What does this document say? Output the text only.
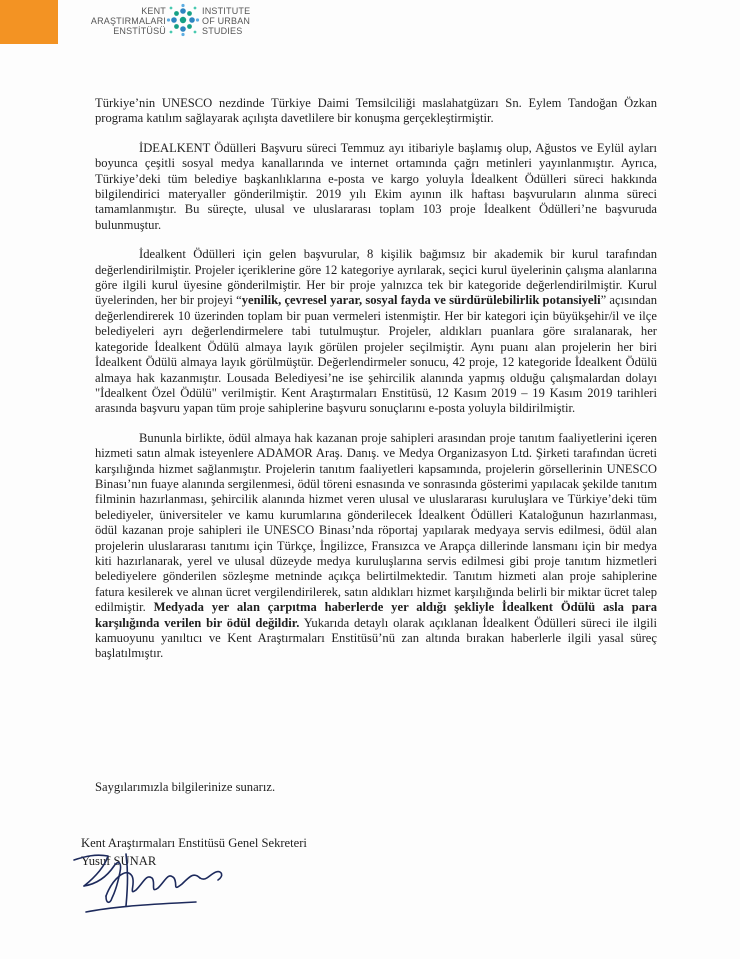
KENT
ARAŞTIRMALARI
ENSTİTÜSÜ
INSTITUTE
OF URBAN
STUDIES

Türkiye’nin UNESCO nezdinde Türkiye Daimi Temsilciliği maslahatgüzarı Sn. Eylem Tandoğan Özkan programa katılım sağlayarak açılışta davetlilere bir konuşma gerçekleştirmiştir.

İDEALKENT Ödülleri Başvuru süreci Temmuz ayı itibariyle başlamış olup, Ağustos ve Eylül ayları boyunca çeşitli sosyal medya kanallarında ve internet ortamında çağrı metinleri yayınlanmıştır. Ayrıca, Türkiye’deki tüm belediye başkanlıklarına e-posta ve kargo yoluyla İdealkent Ödülleri süreci hakkında bilgilendirici materyaller gönderilmiştir. 2019 yılı Ekim ayının ilk haftası başvuruların alınma süreci tamamlanmıştır. Bu süreçte, ulusal ve uluslararası toplam 103 proje İdealkent Ödülleri’ne başvuruda bulunmuştur.

İdealkent Ödülleri için gelen başvurular, 8 kişilik bağımsız bir akademik bir kurul tarafından değerlendirilmiştir. Projeler içeriklerine göre 12 kategoriye ayrılarak, seçici kurul üyelerinin çalışma alanlarına göre ilgili kurul üyesine gönderilmiştir. Her bir proje yalnızca tek bir kategoride değerlendirilmiştir. Kurul üyelerinden, her bir projeyi “yenilik, çevresel yarar, sosyal fayda ve sürdürülebilirlik potansiyeli” açısından değerlendirerek 10 üzerinden toplam bir puan vermeleri istenmiştir. Her bir kategori için büyükşehir/il ve ilçe belediyeleri ayrı değerlendirmelere tabi tutulmuştur. Projeler, aldıkları puanlara göre sıralanarak, her kategoride İdealkent Ödülü almaya layık görülen projeler seçilmiştir. Aynı puanı alan projelerin her biri İdealkent Ödülü almaya layık görülmüştür. Değerlendirmeler sonucu, 42 proje, 12 kategoride İdealkent Ödülü almaya hak kazanmıştır. Lousada Belediyesi’ne ise şehircilik alanında yapmış olduğu çalışmalardan dolayı "İdealkent Özel Ödülü" verilmiştir. Kent Araştırmaları Enstitüsü, 12 Kasım 2019 – 19 Kasım 2019 tarihleri arasında başvuru yapan tüm proje sahiplerine başvuru sonuçlarını e-posta yoluyla bildirilmiştir.

Bununla birlikte, ödül almaya hak kazanan proje sahipleri arasından proje tanıtım faaliyetlerini içeren hizmeti satın almak isteyenlere ADAMOR Araş. Danış. ve Medya Organizasyon Ltd. Şirketi tarafından ücreti karşılığında hizmet sağlanmıştır. Projelerin tanıtım faaliyetleri kapsamında, projelerin görsellerinin UNESCO Binası’nın fuaye alanında sergilenmesi, ödül töreni esnasında ve sonrasında gösterimi yapılacak şekilde tanıtım filminin hazırlanması, şehircilik alanında hizmet veren ulusal ve uluslararası kuruluşlara ve Türkiye’deki tüm belediyeler, üniversiteler ve kamu kurumlarına gönderilecek İdealkent Ödülleri Kataloğunun hazırlanması, ödül kazanan proje sahipleri ile UNESCO Binası’nda röportaj yapılarak medyaya servis edilmesi, ödül alan projelerin uluslararası tanıtımı için Türkçe, İngilizce, Fransızca ve Arapça dillerinde lansmanı için bir medya kiti hazırlanarak, yerel ve ulusal düzeyde medya kuruluşlarına servis edilmesi gibi proje tanıtım hizmetleri belediyelere gönderilen sözleşme metninde açıkça belirtilmektedir. Tanıtım hizmeti alan proje sahiplerine fatura kesilerek ve alınan ücret vergilendirilerek, satın aldıkları hizmet karşılığında belirli bir miktar ücret talep edilmiştir. Medyada yer alan çarpıtma haberlerde yer aldığı şekliyle İdealkent Ödülü asla para karşılığında verilen bir ödül değildir. Yukarıda detaylı olarak açıklanan İdealkent Ödülleri süreci ile ilgili kamuoyunu yanıltıcı ve Kent Araştırmaları Enstitüsü’nü zan altında bırakan haberlerle ilgili yasal süreç başlatılmıştır.

Saygılarımızla bilgilerinize sunarız.
Kent Araştırmaları Enstitüsü Genel Sekreteri
Yusuf SUNAR
